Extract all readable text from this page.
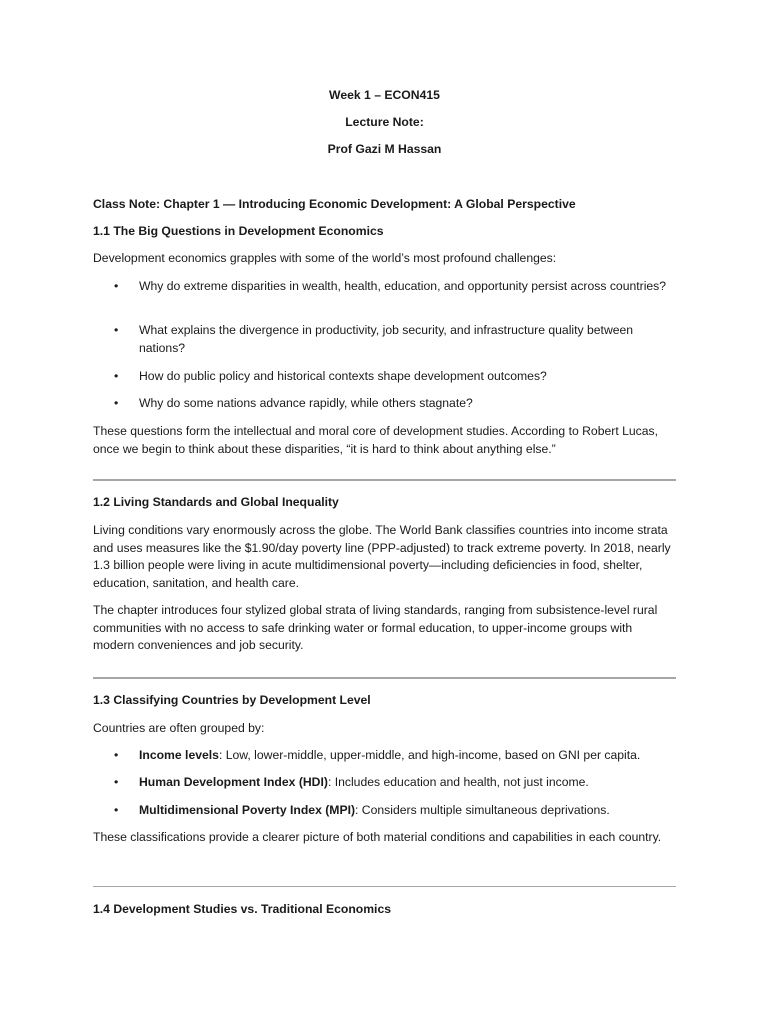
Week 1 – ECON415
Lecture Note:
Prof Gazi M Hassan
Class Note: Chapter 1 — Introducing Economic Development: A Global Perspective
1.1 The Big Questions in Development Economics
Development economics grapples with some of the world’s most profound challenges:
• Why do extreme disparities in wealth, health, education, and opportunity persist across countries?
• What explains the divergence in productivity, job security, and infrastructure quality between nations?
• How do public policy and historical contexts shape development outcomes?
• Why do some nations advance rapidly, while others stagnate?
These questions form the intellectual and moral core of development studies. According to Robert Lucas, once we begin to think about these disparities, “it is hard to think about anything else.”
1.2 Living Standards and Global Inequality
Living conditions vary enormously across the globe. The World Bank classifies countries into income strata and uses measures like the $1.90/day poverty line (PPP-adjusted) to track extreme poverty. In 2018, nearly 1.3 billion people were living in acute multidimensional poverty—including deficiencies in food, shelter, education, sanitation, and health care.
The chapter introduces four stylized global strata of living standards, ranging from subsistence-level rural communities with no access to safe drinking water or formal education, to upper-income groups with modern conveniences and job security.
1.3 Classifying Countries by Development Level
Countries are often grouped by:
• Income levels: Low, lower-middle, upper-middle, and high-income, based on GNI per capita.
• Human Development Index (HDI): Includes education and health, not just income.
• Multidimensional Poverty Index (MPI): Considers multiple simultaneous deprivations.
These classifications provide a clearer picture of both material conditions and capabilities in each country.
1.4 Development Studies vs. Traditional Economics
